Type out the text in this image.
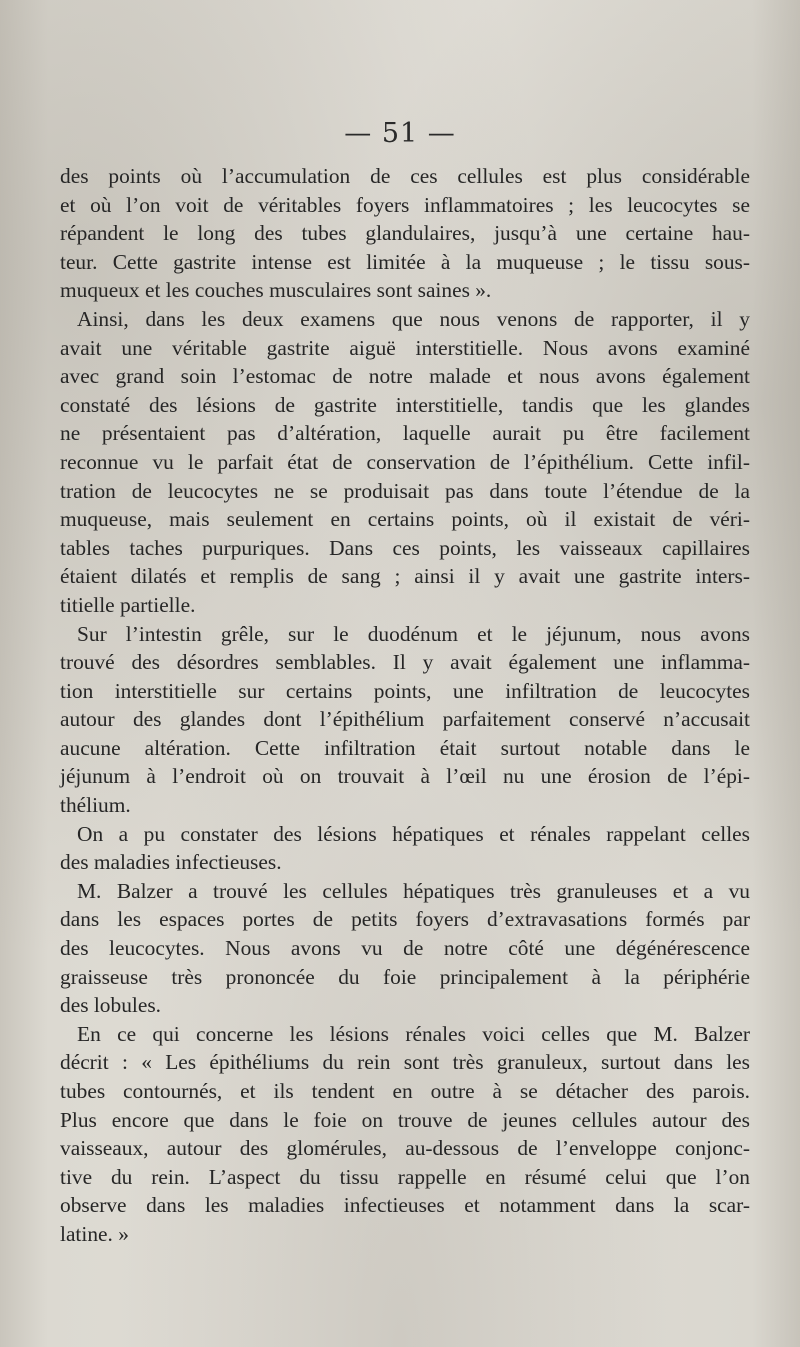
— 51 —
des points où l’accumulation de ces cellules est plus considérable
et où l’on voit de véritables foyers inflammatoires ; les leucocytes se
répandent le long des tubes glandulaires, jusqu’à une certaine hau-
teur. Cette gastrite intense est limitée à la muqueuse ; le tissu sous-
muqueux et les couches musculaires sont saines ».
Ainsi, dans les deux examens que nous venons de rapporter, il y
avait une véritable gastrite aiguë interstitielle. Nous avons examiné
avec grand soin l’estomac de notre malade et nous avons également
constaté des lésions de gastrite interstitielle, tandis que les glandes
ne présentaient pas d’altération, laquelle aurait pu être facilement
reconnue vu le parfait état de conservation de l’épithélium. Cette infil-
tration de leucocytes ne se produisait pas dans toute l’étendue de la
muqueuse, mais seulement en certains points, où il existait de véri-
tables taches purpuriques. Dans ces points, les vaisseaux capillaires
étaient dilatés et remplis de sang ; ainsi il y avait une gastrite inters-
titielle partielle.
Sur l’intestin grêle, sur le duodénum et le jéjunum, nous avons
trouvé des désordres semblables. Il y avait également une inflamma-
tion interstitielle sur certains points, une infiltration de leucocytes
autour des glandes dont l’épithélium parfaitement conservé n’accusait
aucune altération. Cette infiltration était surtout notable dans le
jéjunum à l’endroit où on trouvait à l’œil nu une érosion de l’épi-
thélium.
On a pu constater des lésions hépatiques et rénales rappelant celles
des maladies infectieuses.
M. Balzer a trouvé les cellules hépatiques très granuleuses et a vu
dans les espaces portes de petits foyers d’extravasations formés par
des leucocytes. Nous avons vu de notre côté une dégénérescence
graisseuse très prononcée du foie principalement à la périphérie
des lobules.
En ce qui concerne les lésions rénales voici celles que M. Balzer
décrit : « Les épithéliums du rein sont très granuleux, surtout dans les
tubes contournés, et ils tendent en outre à se détacher des parois.
Plus encore que dans le foie on trouve de jeunes cellules autour des
vaisseaux, autour des glomérules, au-dessous de l’enveloppe conjonc-
tive du rein. L’aspect du tissu rappelle en résumé celui que l’on
observe dans les maladies infectieuses et notamment dans la scar-
latine. »
